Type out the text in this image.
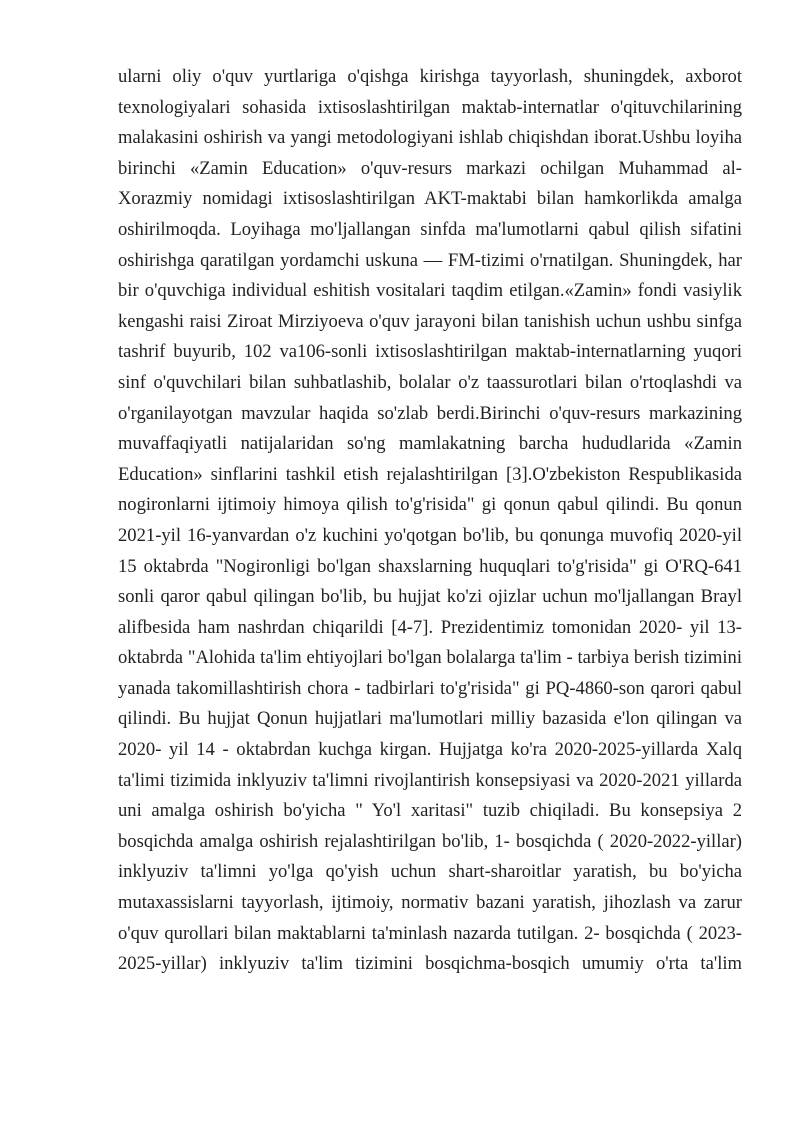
ularni oliy o'quv yurtlariga o'qishga kirishga tayyorlash, shuningdek, axborot
texnologiyalari sohasida ixtisoslashtirilgan maktab-internatlar o'qituvchilarining
malakasini oshirish va yangi metodologiyani ishlab chiqishdan iborat.Ushbu loyiha
birinchi «Zamin Education» o'quv-resurs markazi ochilgan Muhammad al-
Xorazmiy nomidagi ixtisoslashtirilgan AKT-maktabi bilan hamkorlikda amalga
oshirilmoqda. Loyihaga mo'ljallangan sinfda ma'lumotlarni qabul qilish sifatini
oshirishga qaratilgan yordamchi uskuna — FM-tizimi o'rnatilgan. Shuningdek, har
bir o'quvchiga individual eshitish vositalari taqdim etilgan.«Zamin» fondi vasiylik
kengashi raisi Ziroat Mirziyoeva o'quv jarayoni bilan tanishish uchun ushbu sinfga
tashrif buyurib, 102 va106-sonli ixtisoslashtirilgan maktab-internatlarning yuqori
sinf o'quvchilari bilan suhbatlashib, bolalar o'z taassurotlari bilan o'rtoqlashdi va
o'rganilayotgan mavzular haqida so'zlab berdi.Birinchi o'quv-resurs markazining
muvaffaqiyatli natijalaridan so'ng mamlakatning barcha hududlarida «Zamin
Education» sinflarini tashkil etish rejalashtirilgan [3].O'zbekiston Respublikasida
nogironlarni ijtimoiy himoya qilish to'g'risida" gi qonun qabul qilindi. Bu qonun
2021-yil 16-yanvardan o'z kuchini yo'qotgan bo'lib, bu qonunga muvofiq 2020-yil
15 oktabrda "Nogironligi bo'lgan shaxslarning huquqlari to'g'risida" gi O'RQ-641
sonli qaror qabul qilingan bo'lib, bu hujjat ko'zi ojizlar uchun mo'ljallangan Brayl
alifbesida ham nashrdan chiqarildi [4-7]. Prezidentimiz tomonidan 2020- yil 13-
oktabrda "Alohida ta'lim ehtiyojlari bo'lgan bolalarga ta'lim - tarbiya berish tizimini
yanada takomillashtirish chora - tadbirlari to'g'risida" gi PQ-4860-son qarori qabul
qilindi. Bu hujjat Qonun hujjatlari ma'lumotlari milliy bazasida e'lon qilingan va
2020- yil 14 - oktabrdan kuchga kirgan. Hujjatga ko'ra 2020-2025-yillarda Xalq
ta'limi tizimida inklyuziv ta'limni rivojlantirish konsepsiyasi va 2020-2021 yillarda
uni amalga oshirish bo'yicha " Yo'l xaritasi" tuzib chiqiladi. Bu konsepsiya 2
bosqichda amalga oshirish rejalashtirilgan bo'lib, 1- bosqichda ( 2020-2022-yillar)
inklyuziv ta'limni yo'lga qo'yish uchun shart-sharoitlar yaratish, bu bo'yicha
mutaxassislarni tayyorlash, ijtimoiy, normativ bazani yaratish, jihozlash va zarur
o'quv qurollari bilan maktablarni ta'minlash nazarda tutilgan. 2- bosqichda ( 2023-
2025-yillar) inklyuziv ta'lim tizimini bosqichma-bosqich umumiy o'rta ta'lim
